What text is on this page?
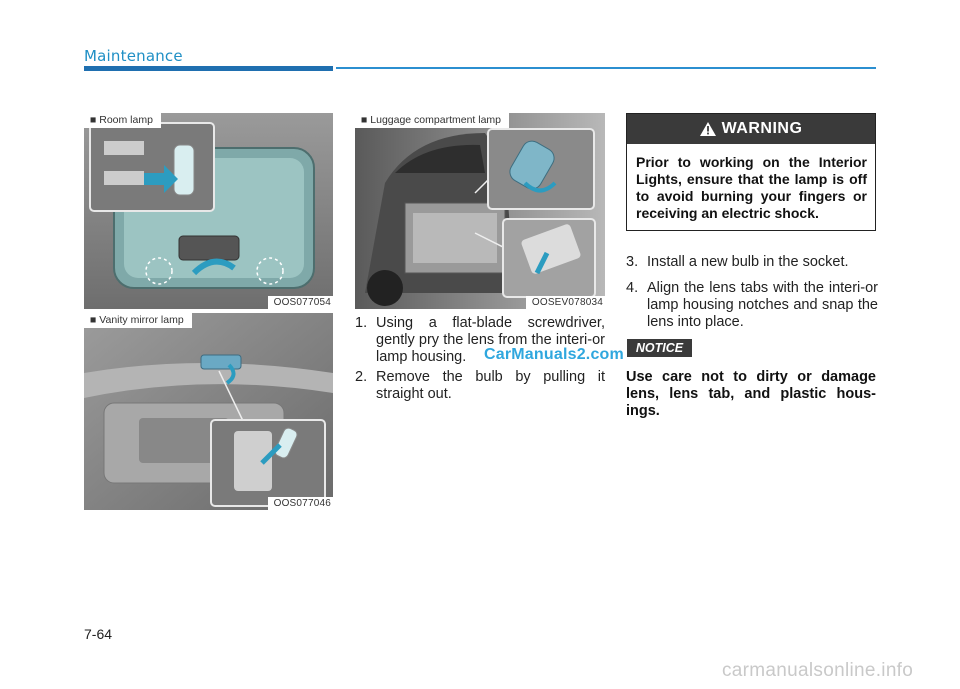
Maintenance
■ Room lamp
OOS077054
■ Vanity mirror lamp
OOS077046
■ Luggage compartment lamp
OOSEV078034
1. Using a flat-blade screwdriver, gently pry the lens from the interi-or lamp housing.
2. Remove the bulb by pulling it straight out.
CarManuals2.com
WARNING
Prior to working on the Interior Lights, ensure that the lamp is off to avoid burning your fingers or receiving an electric shock.
3. Install a new bulb in the socket.
4. Align the lens tabs with the interi-or lamp housing notches and snap the lens into place.
NOTICE
Use care not to dirty or damage lens, lens tab, and plastic hous-ings.
7-64
carmanualsonline.info
